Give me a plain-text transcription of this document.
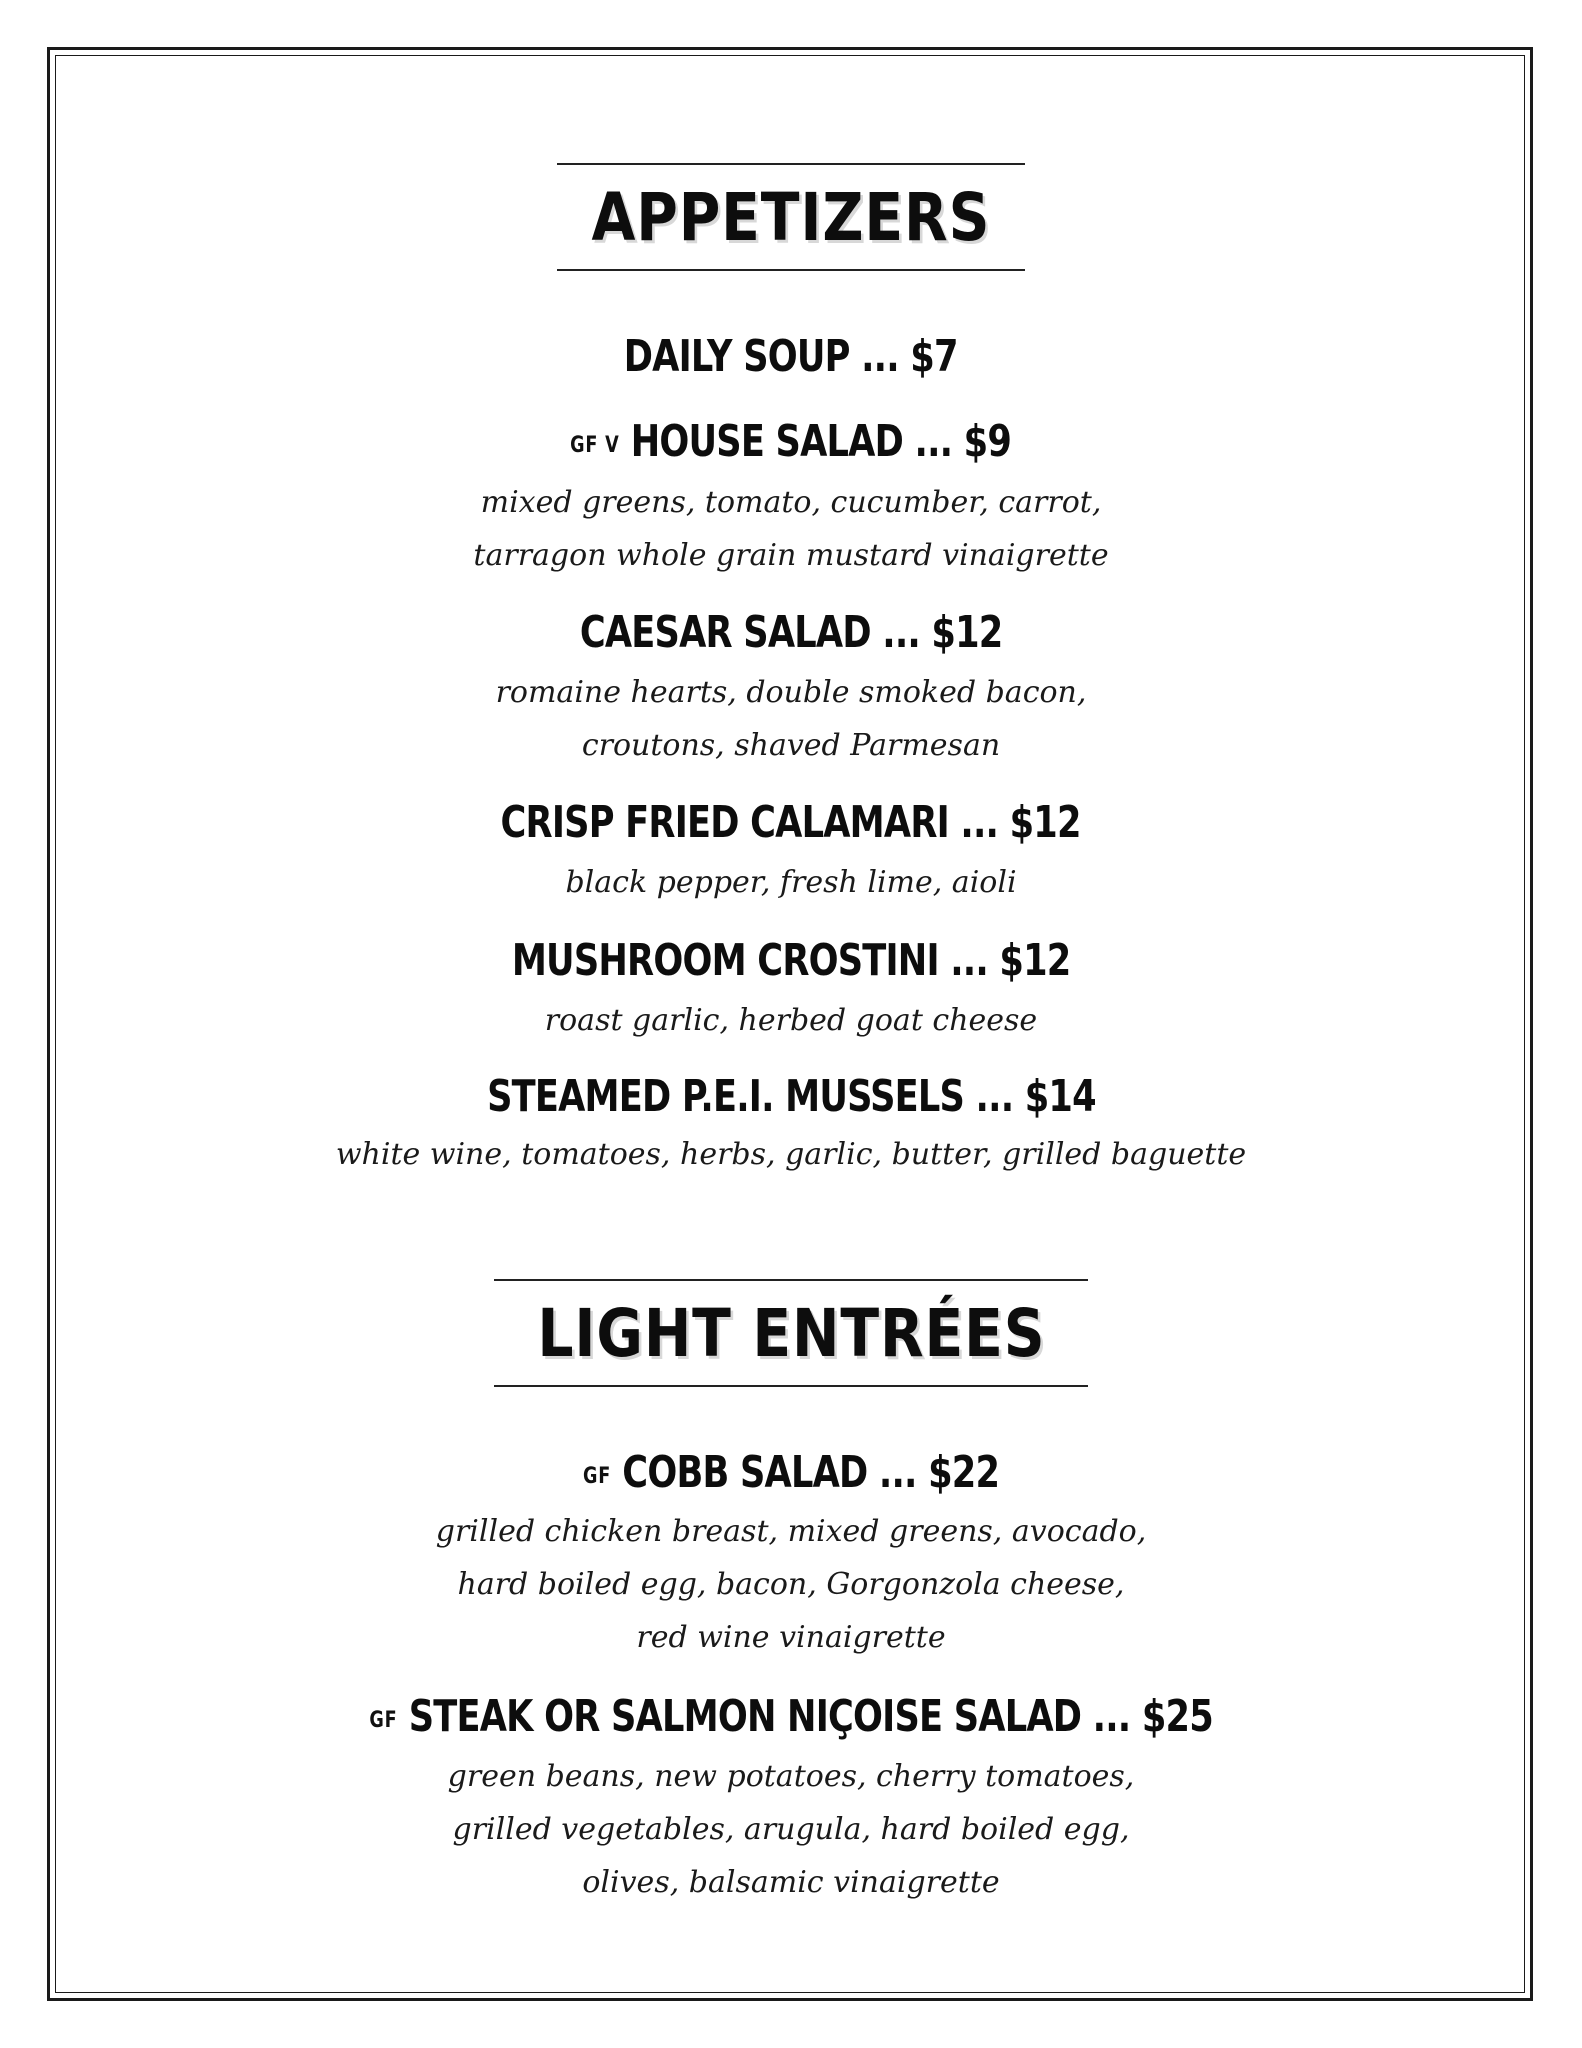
APPETIZERS
DAILY SOUP ... $7
GF V HOUSE SALAD ... $9
mixed greens, tomato, cucumber, carrot,
tarragon whole grain mustard vinaigrette
CAESAR SALAD ... $12
romaine hearts, double smoked bacon,
croutons, shaved Parmesan
CRISP FRIED CALAMARI ... $12
black pepper, fresh lime, aioli
MUSHROOM CROSTINI ... $12
roast garlic, herbed goat cheese
STEAMED P.E.I. MUSSELS ... $14
white wine, tomatoes, herbs, garlic, butter, grilled baguette
LIGHT ENTRÉES
GF COBB SALAD ... $22
grilled chicken breast, mixed greens, avocado,
hard boiled egg, bacon, Gorgonzola cheese,
red wine vinaigrette
GF STEAK OR SALMON NIÇOISE SALAD ... $25
green beans, new potatoes, cherry tomatoes,
grilled vegetables, arugula, hard boiled egg,
olives, balsamic vinaigrette
